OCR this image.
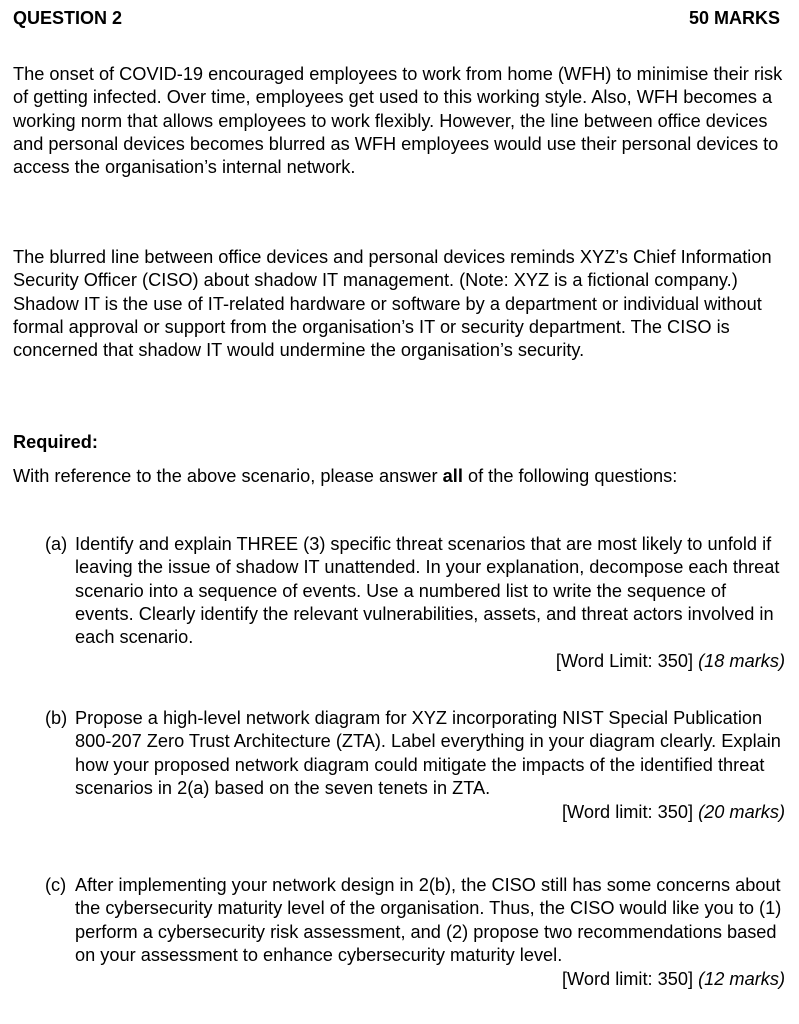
QUESTION 2	50 MARKS

The onset of COVID-19 encouraged employees to work from home (WFH) to minimise their risk of getting infected. Over time, employees get used to this working style. Also, WFH becomes a working norm that allows employees to work flexibly. However, the line between office devices and personal devices becomes blurred as WFH employees would use their personal devices to access the organisation’s internal network.

The blurred line between office devices and personal devices reminds XYZ’s Chief Information Security Officer (CISO) about shadow IT management. (Note: XYZ is a fictional company.) Shadow IT is the use of IT-related hardware or software by a department or individual without formal approval or support from the organisation’s IT or security department. The CISO is concerned that shadow IT would undermine the organisation’s security.

Required:
With reference to the above scenario, please answer all of the following questions:
(a) Identify and explain THREE (3) specific threat scenarios that are most likely to unfold if leaving the issue of shadow IT unattended. In your explanation, decompose each threat scenario into a sequence of events. Use a numbered list to write the sequence of events. Clearly identify the relevant vulnerabilities, assets, and threat actors involved in each scenario.
[Word Limit: 350] (18 marks)
(b) Propose a high-level network diagram for XYZ incorporating NIST Special Publication 800-207 Zero Trust Architecture (ZTA). Label everything in your diagram clearly. Explain how your proposed network diagram could mitigate the impacts of the identified threat scenarios in 2(a) based on the seven tenets in ZTA.
[Word limit: 350] (20 marks)
(c) After implementing your network design in 2(b), the CISO still has some concerns about the cybersecurity maturity level of the organisation. Thus, the CISO would like you to (1) perform a cybersecurity risk assessment, and (2) propose two recommendations based on your assessment to enhance cybersecurity maturity level.
[Word limit: 350] (12 marks)
